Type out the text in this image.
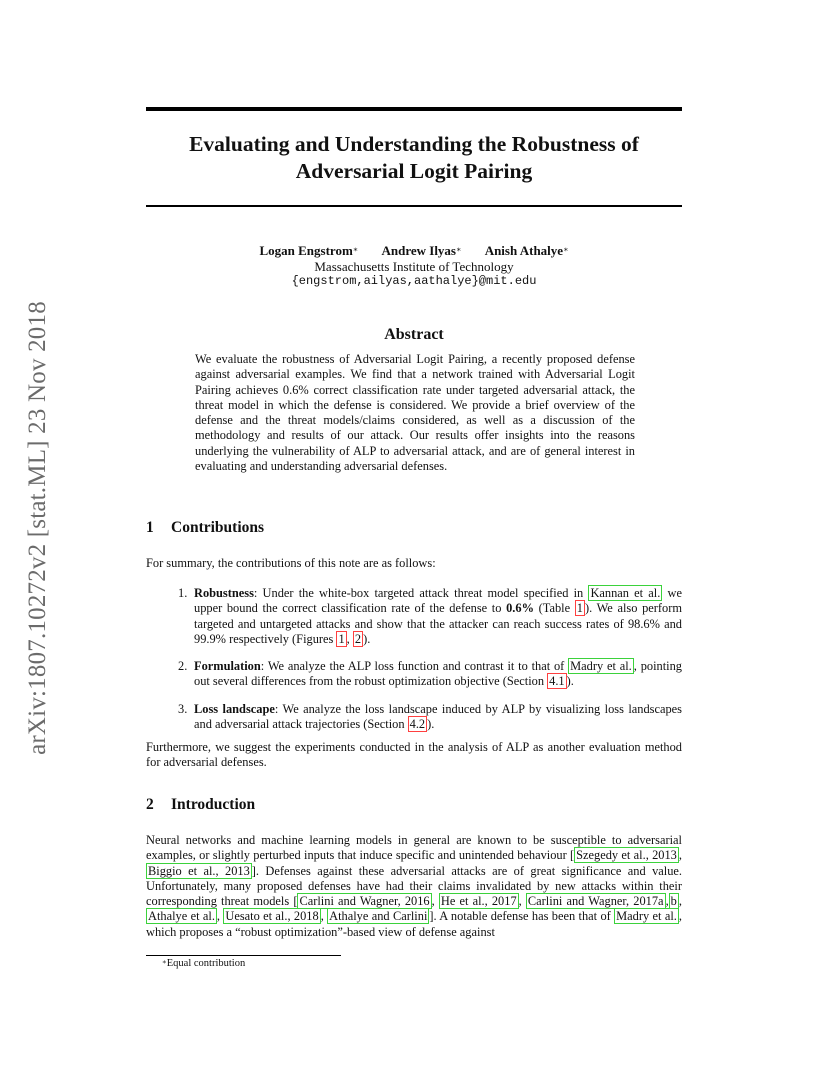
arXiv:1807.10272v2 [stat.ML] 23 Nov 2018
Evaluating and Understanding the Robustness of
Adversarial Logit Pairing
Logan Engstrom∗ Andrew Ilyas∗ Anish Athalye∗
Massachusetts Institute of Technology
{engstrom,ailyas,aathalye}@mit.edu
Abstract
We evaluate the robustness of Adversarial Logit Pairing, a recently proposed defense against adversarial examples. We find that a network trained with Adversarial Logit Pairing achieves 0.6% correct classification rate under targeted adversarial attack, the threat model in which the defense is considered. We provide a brief overview of the defense and the threat models/claims considered, as well as a discussion of the methodology and results of our attack. Our results offer insights into the reasons underlying the vulnerability of ALP to adversarial attack, and are of general interest in evaluating and understanding adversarial defenses.
1 Contributions
For summary, the contributions of this note are as follows:
1. Robustness: Under the white-box targeted attack threat model specified in Kannan et al. we upper bound the correct classification rate of the defense to 0.6% (Table 1 ). We also perform targeted and untargeted attacks and show that the attacker can reach success rates of 98.6% and 99.9% respectively (Figures 1 , 2 ).
2. Formulation: We analyze the ALP loss function and contrast it to that of Madry et al. , pointing out several differences from the robust optimization objective (Section 4.1 ).
3. Loss landscape: We analyze the loss landscape induced by ALP by visualizing loss landscapes and adversarial attack trajectories (Section 4.2 ).
Furthermore, we suggest the experiments conducted in the analysis of ALP as another evaluation method for adversarial defenses.
2 Introduction
Neural networks and machine learning models in general are known to be susceptible to adversarial examples, or slightly perturbed inputs that induce specific and unintended behaviour [ Szegedy et al., 2013 , Biggio et al., 2013 ]. Defenses against these adversarial attacks are of great significance and value. Unfortunately, many proposed defenses have had their claims invalidated by new attacks within their corresponding threat models [ Carlini and Wagner, 2016 , He et al., 2017 , Carlini and Wagner, 2017a , b , Athalye et al. , Uesato et al., 2018 , Athalye and Carlini ]. A notable defense has been that of Madry et al. , which proposes a “robust optimization”-based view of defense against
∗Equal contribution
